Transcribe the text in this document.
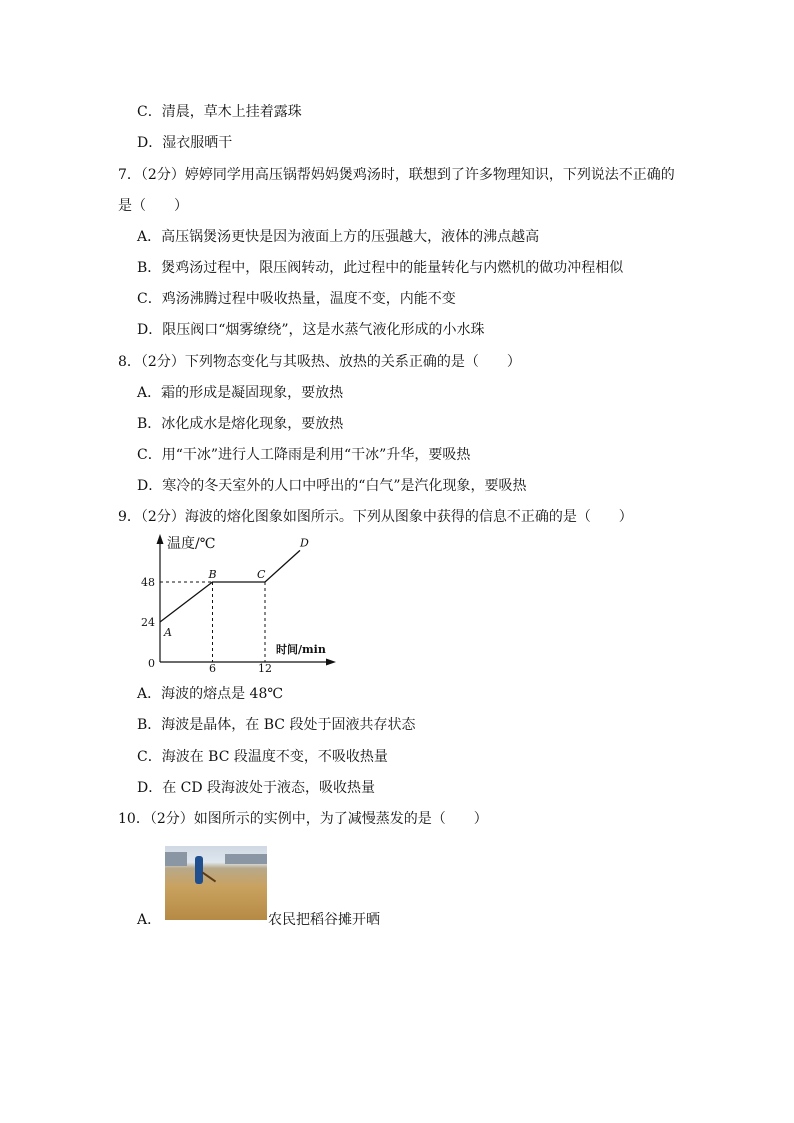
C．清晨，草木上挂着露珠
D．湿衣服晒干
7．（2分）婷婷同学用高压锅帮妈妈煲鸡汤时，联想到了许多物理知识，下列说法不正确的
是（　　）
A．高压锅煲汤更快是因为液面上方的压强越大，液体的沸点越高
B．煲鸡汤过程中，限压阀转动，此过程中的能量转化与内燃机的做功冲程相似
C．鸡汤沸腾过程中吸收热量，温度不变，内能不变
D．限压阀口“烟雾缭绕”，这是水蒸气液化形成的小水珠
8．（2分）下列物态变化与其吸热、放热的关系正确的是（　　）
A．霜的形成是凝固现象，要放热
B．冰化成水是熔化现象，要放热
C．用“干冰”进行人工降雨是利用“干冰”升华，要吸热
D．寒冷的冬天室外的人口中呼出的“白气”是汽化现象，要吸热
9．（2分）海波的熔化图象如图所示。下列从图象中获得的信息不正确的是（　　）
温度/℃
时间/min
0	6	12
24
48
A
B	C
D
A．海波的熔点是 48℃
B．海波是晶体，在 BC 段处于固液共存状态
C．海波在 BC 段温度不变，不吸收热量
D．在 CD 段海波处于液态，吸收热量
10．（2分）如图所示的实例中，为了减慢蒸发的是（　　）
A．	农民把稻谷摊开晒
